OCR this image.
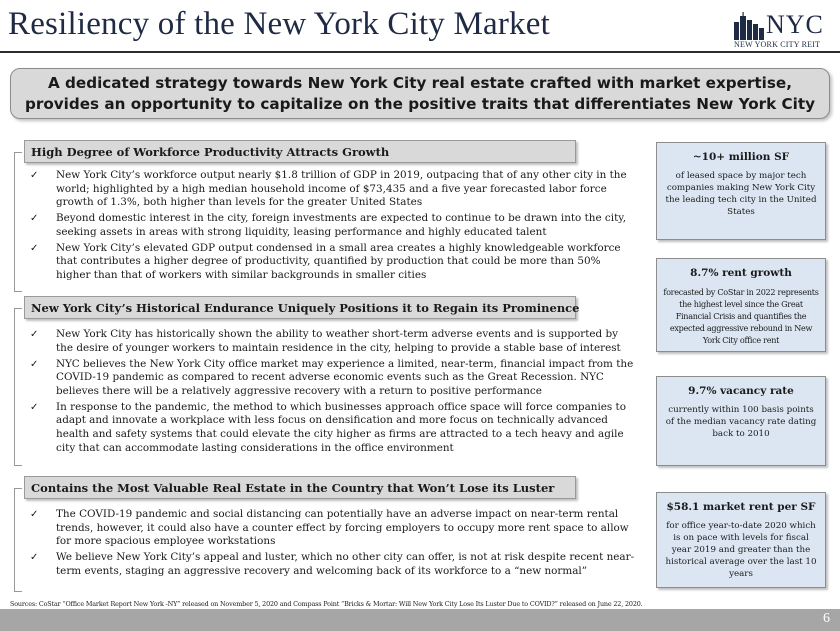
Resiliency of the New York City Market	NYC
NEW YORK CITY REIT
A dedicated strategy towards New York City real estate crafted with market expertise, provides an opportunity to capitalize on the positive traits that differentiates New York City
High Degree of Workforce Productivity Attracts Growth
✓ New York City’s workforce output nearly $1.8 trillion of GDP in 2019, outpacing that of any other city in the world; highlighted by a high median household income of $73,435 and a five year forecasted labor force growth of 1.3%, both higher than levels for the greater United States
✓ Beyond domestic interest in the city, foreign investments are expected to continue to be drawn into the city, seeking assets in areas with strong liquidity, leasing performance and highly educated talent
✓ New York City’s elevated GDP output condensed in a small area creates a highly knowledgeable workforce that contributes a higher degree of productivity, quantified by production that could be more than 50% higher than that of workers with similar backgrounds in smaller cities
New York City’s Historical Endurance Uniquely Positions it to Regain its Prominence
✓ New York City has historically shown the ability to weather short-term adverse events and is supported by the desire of younger workers to maintain residence in the city, helping to provide a stable base of interest
✓ NYC believes the New York City office market may experience a limited, near-term, financial impact from the COVID-19 pandemic as compared to recent adverse economic events such as the Great Recession. NYC believes there will be a relatively aggressive recovery with a return to positive performance
✓ In response to the pandemic, the method to which businesses approach office space will force companies to adapt and innovate a workplace with less focus on densification and more focus on technically advanced health and safety systems that could elevate the city higher as firms are attracted to a tech heavy and agile city that can accommodate lasting considerations in the office environment
Contains the Most Valuable Real Estate in the Country that Won’t Lose its Luster
✓ The COVID-19 pandemic and social distancing can potentially have an adverse impact on near-term rental trends, however, it could also have a counter effect by forcing employers to occupy more rent space to allow for more spacious employee workstations
✓ We believe New York City’s appeal and luster, which no other city can offer, is not at risk despite recent near-term events, staging an aggressive recovery and welcoming back of its workforce to a “new normal”
~10+ million SF
of leased space by major tech companies making New York City the leading tech city in the United States
8.7% rent growth
forecasted by CoStar in 2022 represents the highest level since the Great Financial Crisis and quantifies the expected aggressive rebound in New York City office rent
9.7% vacancy rate
currently within 100 basis points of the median vacancy rate dating back to 2010
$58.1 market rent per SF
for office year-to-date 2020 which is on pace with levels for fiscal year 2019 and greater than the historical average over the last 10 years
Sources: CoStar “Office Market Report New York -NY” released on November 5, 2020 and Compass Point “Bricks & Mortar: Will New York City Lose Its Luster Due to COVID?” released on June 22, 2020.
6
